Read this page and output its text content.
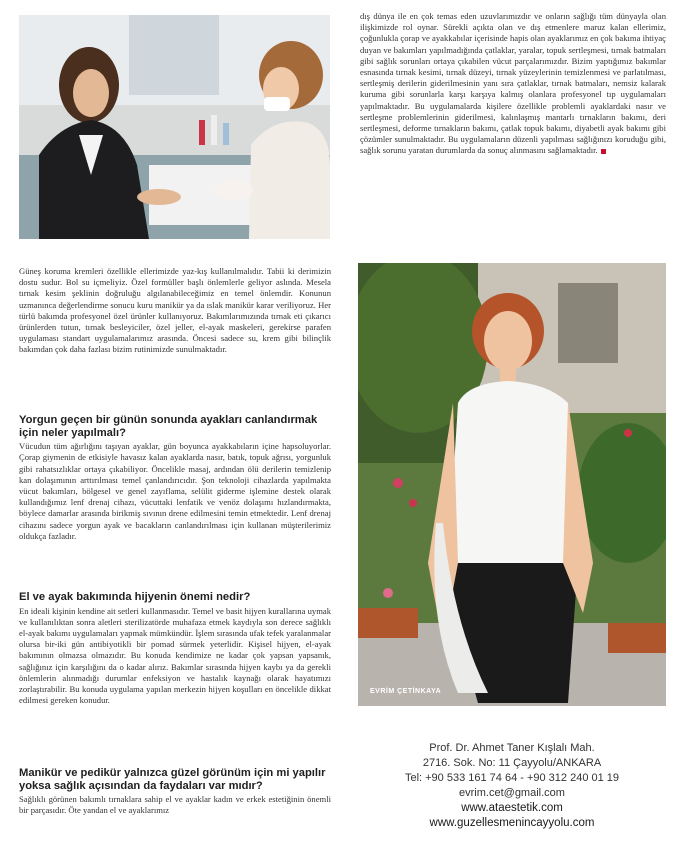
dış dünya ile en çok temas eden uzuvlarımızdır ve onların sağlığı tüm dünyayla olan ilişkimizde rol oynar. Sürekli açıkta olan ve dış etmenlere maruz kalan ellerimiz, çoğunlukla çorap ve ayakkabılar içerisinde hapis olan ayaklarımız en çok bakıma ihtiyaç duyan ve bakımları yapılmadığında çatlaklar, yaralar, topuk sertleşmesi, tırnak batmaları gibi sağlık sorunları ortaya çıkabilen vücut parçalarımızdır. Bizim yaptığımız bakımlar esnasında tırnak kesimi, tırnak düzeyi, tırnak yüzeylerinin temizlenmesi ve parlatılması, sertleşmiş derilerin giderilmesinin yanı sıra çatlaklar, tırnak batmaları, nemsiz kalarak kuruma gibi sorunlarla karşı karşıya kalmış olanlara profesyonel tıp uygulamaları yapılmaktadır. Bu uygulamalarda kişilere özellikle problemli ayaklardaki nasır ve sertleşme problemlerinin giderilmesi, kalınlaşmış mantarlı tırnakların bakımı, deri sertleşmesi, deforme tırnakların bakımı, çatlak topuk bakımı, diyabetli ayak bakımı gibi çözümler sunulmaktadır. Bu uygulamaların düzenli yapılması sağlığınızı koruduğu gibi, sağlık sorunu yaratan durumlarda da sonuç alınmasını sağlamaktadır.

Güneş koruma kremleri özellikle ellerimizde yaz-kış kullanılmalıdır. Tabii ki derimizin dostu sudur. Bol su içmeliyiz. Özel formüller başlı önlemlerle geliyor aslında. Mesela tırnak kesim şeklinin doğruluğu algılanabileceğimiz en temel önlemdir. Konunun uzmanınca değerlendirme sonucu kuru manikür ya da ıslak manikür karar veriliyoruz. Her türlü bakımda profesyonel özel ürünler kullanıyoruz. Bakımlarımızında tırnak eti çıkarıcı ürünlerden tutun, tırnak besleyiciler, özel jeller, el-ayak maskeleri, gerekirse parafen uygulaması standart uygulamalarımız arasında. Öncesi sadece su, krem gibi bilinçlik bakımdan çok daha fazlası bizim rutinimizde sunulmaktadır.

Yorgun geçen bir günün sonunda ayakları canlandırmak için neler yapılmalı?

Vücudun tüm ağırlığını taşıyan ayaklar, gün boyunca ayakkabıların içine hapsoluyorlar. Çorap giymenin de etkisiyle havasız kalan ayaklarda nasır, batık, topuk ağrısı, yorgunluk gibi rahatsızlıklar ortaya çıkabiliyor. Öncelikle masaj, ardından ölü derilerin temizlenip kan dolaşımının arttırılması temel çanlandırıcıdır. Şon teknoloji cihazlarda yapılmakta vücut bakımları, bölgesel ve genel zayıflama, selülit giderme işlemine destek olarak kullandığımız lenf drenaj cihazı, vücuttaki lenfatik ve venöz dolaşımı hızlandırmakta, böylece damarlar arasında birikmiş sıvının drene edilmesini temin etmektedir. Lenf drenaj cihazını sadece yorgun ayak ve bacakların canlandırılması için kullanan müşterilerimiz oldukça fazladır.

El ve ayak bakımında hijyenin önemi nedir?

En ideali kişinin kendine ait setleri kullanmasıdır. Temel ve basit hijyen kurallarına uymak ve kullanılıktan sonra aletleri sterilizatörde muhafaza etmek kaydıyla son derece sağlıklı el-ayak bakımı uygulamaları yapmak mümkündür. İşlem sırasında ufak tefek yaralanmalar olursa bir-iki gün antibiyotikli bir pomad sürmek yeterlidir. Kişisel hijyen, el-ayak bakımının olmazsa olmazıdır. Bu konuda kendimize ne kadar çok yapsan yapsanık, sağlığınız için karşılığını da o kadar alırız. Bakımlar sırasında hijyen kaybı ya da gerekli önlemlerin alınmadığı durumlar enfeksiyon ve hastalık kaynağı olarak hayatımızı zorlaştırabilir. Bu konuda uygulama yapılan merkezin hijyen koşulları en öncelikle dikkat edilmesi gereken konudur.

Manikür ve pedikür yalnızca güzel görünüm için mi yapılır yoksa sağlık açısından da faydaları var mıdır?

Sağlıklı görünen bakımlı tırnaklara sahip el ve ayaklar kadın ve erkek estetiğinin önemli bir parçasıdır. Öte yandan el ve ayaklarımız

EVRİM ÇETİNKAYA
Prof. Dr. Ahmet Taner Kışlalı Mah.
2716. Sok. No: 11 Çayyolu/ANKARA
Tel: +90 533 161 74 64 - +90 312 240 01 19
evrim.cet@gmail.com
www.ataestetik.com
www.guzellesmenincayyolu.com
